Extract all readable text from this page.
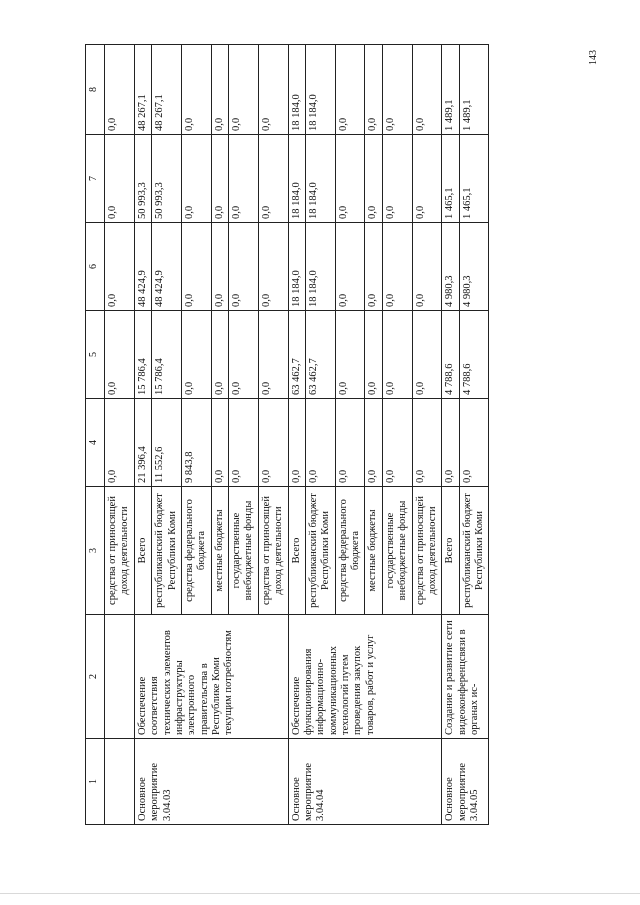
143
1	2	3	4	5	6	7	8
		средства от приносящей доход деятельности	0,0	0,0	0,0	0,0	0,0
Основное мероприятие 3.04.03	Обеспечение соответствия технических элементов инфраструктуры электронного правительства в Республике Коми текущим потребностям	Всего	21 396,4	15 786,4	48 424,9	50 993,3	48 267,1
		республиканский бюджет Республики Коми	11 552,6	15 786,4	48 424,9	50 993,3	48 267,1
		средства федерального бюджета	9 843,8	0,0	0,0	0,0	0,0
		местные бюджеты	0,0	0,0	0,0	0,0	0,0
		государственные внебюджетные фонды	0,0	0,0	0,0	0,0	0,0
		средства от приносящей доход деятельности	0,0	0,0	0,0	0,0	0,0
Основное мероприятие 3.04.04	Обеспечение функционирования информационно-коммуникационных технологий путем проведения закупок товаров, работ и услуг	Всего	0,0	63 462,7	18 184,0	18 184,0	18 184,0
		республиканский бюджет Республики Коми	0,0	63 462,7	18 184,0	18 184,0	18 184,0
		средства федерального бюджета	0,0	0,0	0,0	0,0	0,0
		местные бюджеты	0,0	0,0	0,0	0,0	0,0
		государственные внебюджетные фонды	0,0	0,0	0,0	0,0	0,0
		средства от приносящей доход деятельности	0,0	0,0	0,0	0,0	0,0
Основное мероприятие 3.04.05	Создание и развитие сети видеоконференцсвязи в органах ис-	Всего	0,0	4 788,6	4 980,3	1 465,1	1 489,1
		республиканский бюджет Республики Коми	0,0	4 788,6	4 980,3	1 465,1	1 489,1
